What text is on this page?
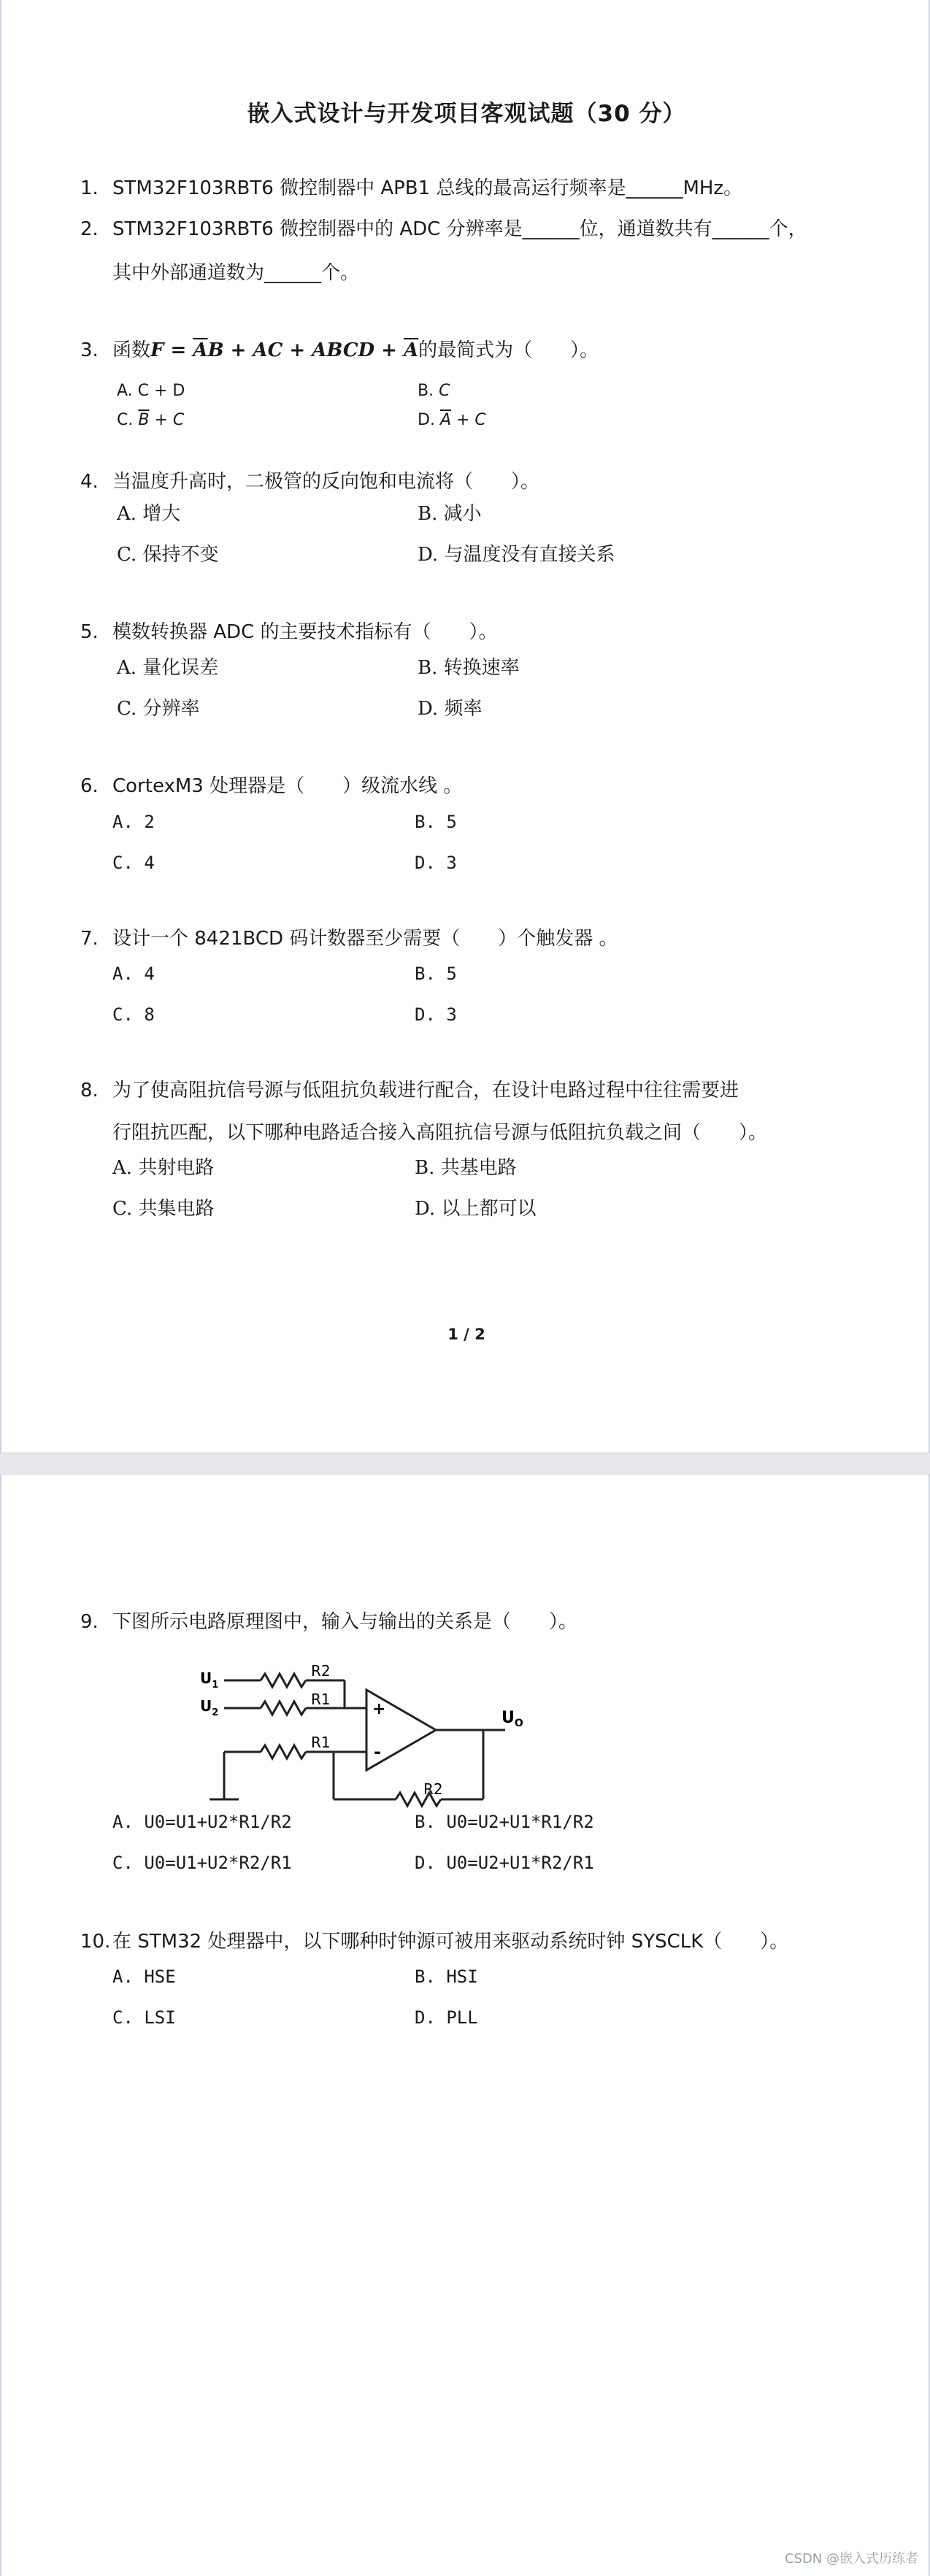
嵌入式设计与开发项目客观试题（30 分）
1. STM32F103RBT6 微控制器中 APB1 总线的最高运行频率是______MHz。
2. STM32F103RBT6 微控制器中的 ADC 分辨率是______位，通道数共有______个，
其中外部通道数为______个。
3. 函数$F = \overline{A}B$ + AC + ABCD + $\overline{A}$的最简式为（　　）。
A. C + D	B. C
C. $\overline{B} + C$	D. $\overline{A} + C$
4. 当温度升高时，二极管的反向饱和电流将（　　）。
A. 增大	B. 减小
C. 保持不变	D. 与温度没有直接关系
5. 模数转换器 ADC 的主要技术指标有（　　）。
A. 量化误差	B. 转换速率
C. 分辨率	D. 频率
6. CortexM3 处理器是（　　）级流水线 。
A. 2	B. 5
C. 4	D. 3
7. 设计一个 8421BCD 码计数器至少需要（　　）个触发器 。
A. 4	B. 5
C. 8	D. 3
8. 为了使高阻抗信号源与低阻抗负载进行配合，在设计电路过程中往往需要进
行阻抗匹配，以下哪种电路适合接入高阻抗信号源与低阻抗负载之间（　　）。
A. 共射电路	B. 共基电路
C. 共集电路	D. 以上都可以
1 / 2
9. 下图所示电路原理图中，输入与输出的关系是（　　）。
$U_1$
$U_2$
R2
R1
R1
R2
+
-
$U_O$
A. U0=U1+U2*R1/R2	B. U0=U2+U1*R1/R2
C. U0=U1+U2*R2/R1	D. U0=U2+U1*R2/R1
10. 在 STM32 处理器中，以下哪种时钟源可被用来驱动系统时钟 SYSCLK（　　）。
A. HSE	B. HSI
C. LSI	D. PLL
CSDN @嵌入式历练者
